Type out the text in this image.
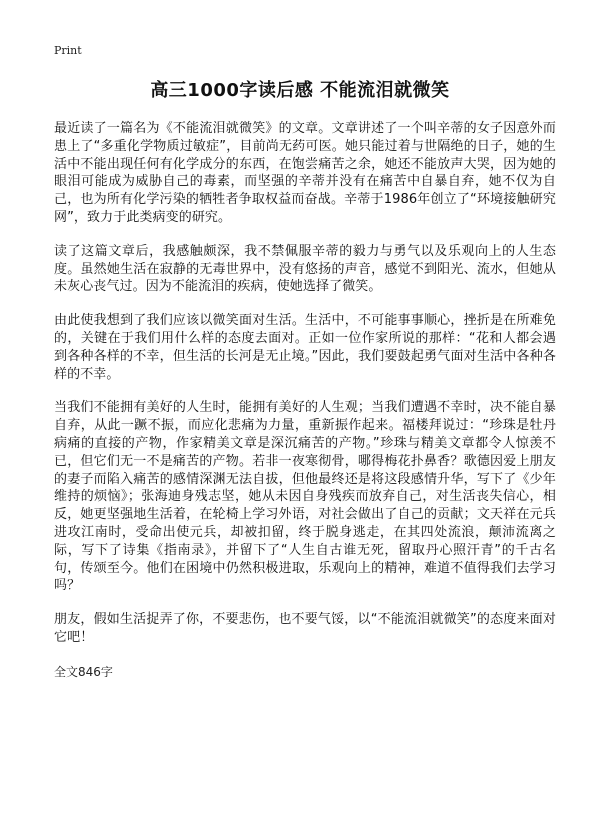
Print
高三1000字读后感 不能流泪就微笑

最近读了一篇名为《不能流泪就微笑》的文章。文章讲述了一个叫辛蒂的女子因意外而患上了“多重化学物质过敏症”，目前尚无药可医。她只能过着与世隔绝的日子，她的生活中不能出现任何有化学成分的东西，在饱尝痛苦之余，她还不能放声大哭，因为她的眼泪可能成为威胁自己的毒素，而坚强的辛蒂并没有在痛苦中自暴自弃，她不仅为自己，也为所有化学污染的牺牲者争取权益而奋战。辛蒂于1986年创立了“环境接触研究网”，致力于此类病变的研究。

读了这篇文章后，我感触颇深，我不禁佩服辛蒂的毅力与勇气以及乐观向上的人生态度。虽然她生活在寂静的无毒世界中，没有悠扬的声音，感觉不到阳光、流水，但她从未灰心丧气过。因为不能流泪的疾病，使她选择了微笑。

由此使我想到了我们应该以微笑面对生活。生活中，不可能事事顺心，挫折是在所难免的，关键在于我们用什么样的态度去面对。正如一位作家所说的那样：“花和人都会遇到各种各样的不幸，但生活的长河是无止境。”因此，我们要鼓起勇气面对生活中各种各样的不幸。

当我们不能拥有美好的人生时，能拥有美好的人生观；当我们遭遇不幸时，决不能自暴自弃，从此一蹶不振，而应化悲痛为力量，重新振作起来。福楼拜说过：“珍珠是牡丹病痛的直接的产物，作家精美文章是深沉痛苦的产物。”珍珠与精美文章都令人惊羡不已，但它们无一不是痛苦的产物。若非一夜寒彻骨，哪得梅花扑鼻香？歌德因爱上朋友的妻子而陷入痛苦的感情深渊无法自拔，但他最终还是将这段感情升华，写下了《少年维持的烦恼》；张海迪身残志坚，她从未因自身残疾而放弃自己，对生活丧失信心，相反，她更坚强地生活着，在轮椅上学习外语，对社会做出了自己的贡献；文天祥在元兵进攻江南时，受命出使元兵，却被扣留，终于脱身逃走，在其四处流浪，颠沛流离之际，写下了诗集《指南录》，并留下了“人生自古谁无死，留取丹心照汗青”的千古名句，传颂至今。他们在困境中仍然积极进取，乐观向上的精神，难道不值得我们去学习吗？

朋友，假如生活捉弄了你，不要悲伤，也不要气馁，以“不能流泪就微笑”的态度来面对它吧！

全文846字
